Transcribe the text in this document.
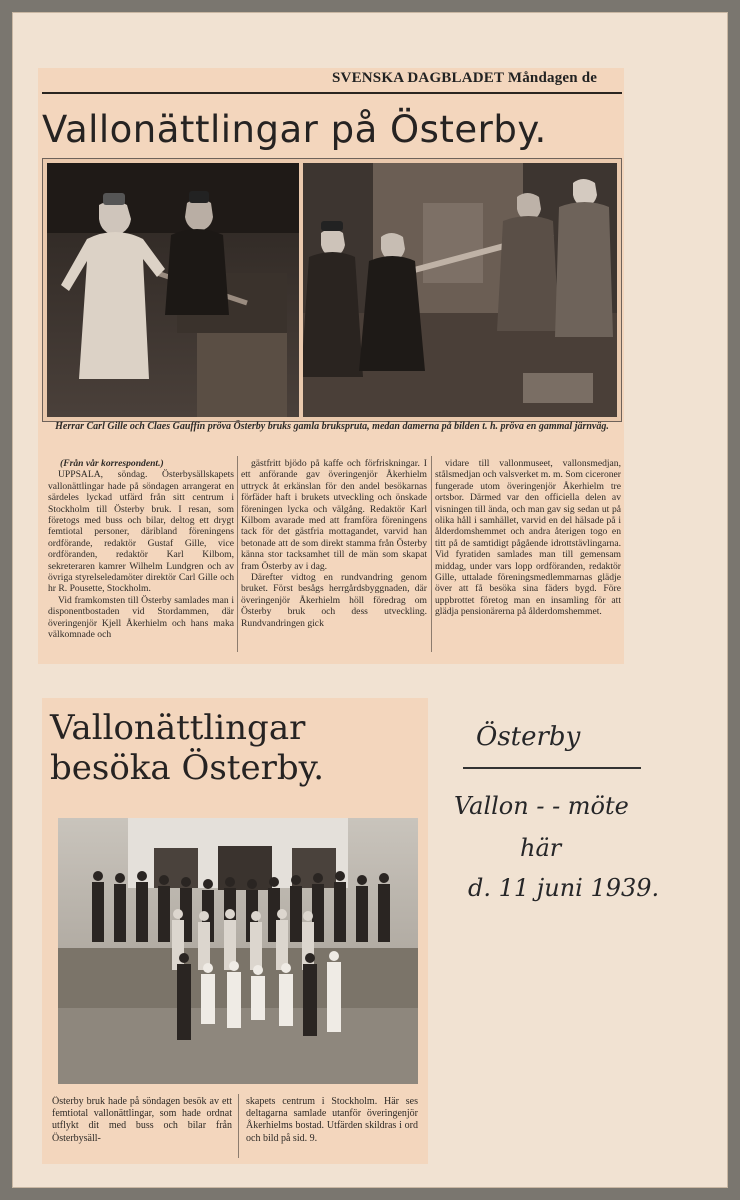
SVENSKA DAGBLADET Måndagen de
Vallonättlingar på Österby.
Herrar Carl Gille och Claes Gauffin pröva Österby bruks gamla brukspruta, medan damerna på bilden t. h. pröva en gammal järnväg.

(Från vår korrespondent.)

UPPSALA, söndag. Österbysällskapets vallonättlingar hade på söndagen arrangerat en särdeles lyckad utfärd från sitt centrum i Stockholm till Österby bruk. I resan, som företogs med buss och bilar, deltog ett drygt femtiotal personer, däribland föreningens ordförande, redaktör Gustaf Gille, vice ordföranden, redaktör Karl Kilbom, sekreteraren kamrer Wilhelm Lundgren och av övriga styrelseledamöter direktör Carl Gille och hr R. Pousette, Stockholm.

Vid framkomsten till Österby samlades man i disponentbostaden vid Stordammen, där överingenjör Kjell Åkerhielm och hans maka välkomnade och

gästfritt bjödo på kaffe och förfriskningar. I ett anförande gav överingenjör Åkerhielm uttryck åt erkänslan för den andel besökarnas förfäder haft i brukets utveckling och önskade föreningen lycka och välgång. Redaktör Karl Kilbom avarade med att framföra föreningens tack för det gästfria mottagandet, varvid han betonade att de som direkt stamma från Österby känna stor tacksamhet till de män som skapat fram Österby av i dag.

Därefter vidtog en rundvandring genom bruket. Först besågs herrgårdsbyggnaden, där överingenjör Åkerhielm höll föredrag om Österby bruk och dess utveckling. Rundvandringen gick

vidare till vallonmuseet, vallonsmedjan, stålsmedjan och valsverket m. m. Som ciceroner fungerade utom överingenjör Åkerhielm tre ortsbor. Därmed var den officiella delen av visningen till ända, och man gav sig sedan ut på olika håll i samhället, varvid en del hälsade på i ålderdomshemmet och andra återigen togo en titt på de samtidigt pågående idrottstävlingarna. Vid fyratiden samlades man till gemensam middag, under vars lopp ordföranden, redaktör Gille, uttalade föreningsmedlemmarnas glädje över att få besöka sina fäders bygd. Före uppbrottet företog man en insamling för att glädja pensionärerna på ålderdomshemmet.

Vallonättlingar
besöka Österby.
Österby bruk hade på söndagen besök av ett femtiotal vallonättlingar, som hade ordnat utflykt dit med buss och bilar från Österbysäll-
skapets centrum i Stockholm. Här ses deltagarna samlade utanför överingenjör Åkerhielms bostad. Utfärden skildras i ord och bild på sid. 9.
Österby
Vallon - - möte
här
d. 11 juni 1939.
